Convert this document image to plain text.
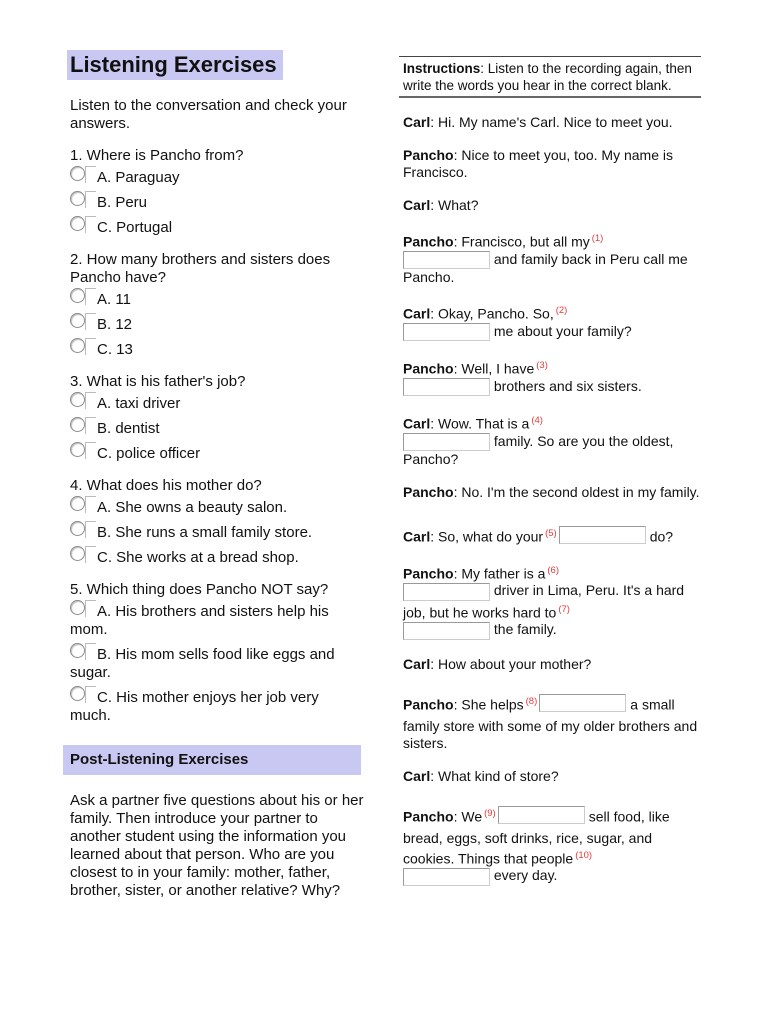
Listening Exercises
Listen to the conversation and check your answers.
1. Where is Pancho from?
A. Paraguay
B. Peru
C. Portugal
2. How many brothers and sisters does Pancho have?
A. 11
B. 12
C. 13
3. What is his father's job?
A. taxi driver
B. dentist
C. police officer
4. What does his mother do?
A. She owns a beauty salon.
B. She runs a small family store.
C. She works at a bread shop.
5. Which thing does Pancho NOT say?
A. His brothers and sisters help his mom.
B. His mom sells food like eggs and sugar.
C. His mother enjoys her job very much.
Post-Listening Exercises
Ask a partner five questions about his or her family. Then introduce your partner to another student using the information you learned about that person. Who are you closest to in your family: mother, father, brother, sister, or another relative? Why?
Instructions: Listen to the recording again, then write the words you hear in the correct blank.
Carl: Hi. My name's Carl. Nice to meet you.
Pancho: Nice to meet you, too. My name is Francisco.
Carl: What?
Pancho: Francisco, but all my $^{(1)}$
and family back in Peru call me Pancho.
Carl: Okay, Pancho. So, $^{(2)}$
me about your family?
Pancho: Well, I have $^{(3)}$
brothers and six sisters.
Carl: Wow. That is a $^{(4)}$
family. So are you the oldest, Pancho?
Pancho: No. I'm the second oldest in my family.
Carl: So, what do your $^{(5)}$	do?
Pancho: My father is a $^{(6)}$
driver in Lima, Peru. It's a hard job, but he works hard to $^{(7)}$
the family.
Carl: How about your mother?
Pancho: She helps $^{(8)}$	a small family store with some of my older brothers and sisters.
Carl: What kind of store?
Pancho: We $^{(9)}$	sell food, like bread, eggs, soft drinks, rice, sugar, and cookies. Things that people $^{(10)}$
every day.
